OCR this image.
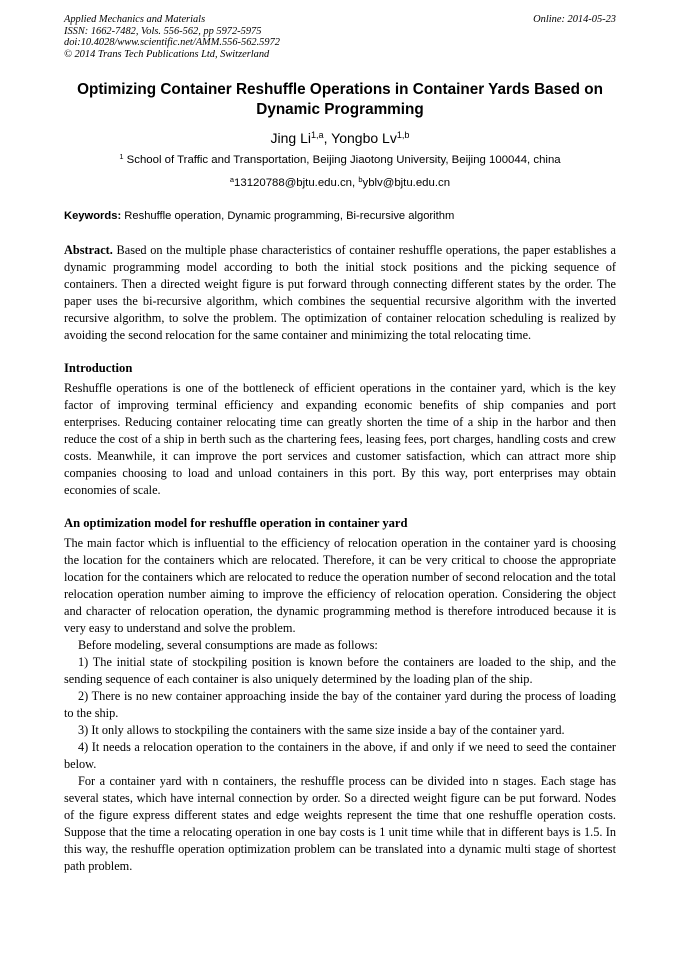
Applied Mechanics and Materials
ISSN: 1662-7482, Vols. 556-562, pp 5972-5975
doi:10.4028/www.scientific.net/AMM.556-562.5972
© 2014 Trans Tech Publications Ltd, Switzerland
Online: 2014-05-23
Optimizing Container Reshuffle Operations in Container Yards Based on Dynamic Programming
Jing Li$^{1,a}$, Yongbo Lv$^{1,b}$
$^1$ School of Traffic and Transportation, Beijing Jiaotong University, Beijing 100044, china
$^a$13120788@bjtu.edu.cn, $^b$yblv@bjtu.edu.cn
Keywords: Reshuffle operation, Dynamic programming, Bi-recursive algorithm
Abstract. Based on the multiple phase characteristics of container reshuffle operations, the paper establishes a dynamic programming model according to both the initial stock positions and the picking sequence of containers. Then a directed weight figure is put forward through connecting different states by the order. The paper uses the bi-recursive algorithm, which combines the sequential recursive algorithm with the inverted recursive algorithm, to solve the problem. The optimization of container relocation scheduling is realized by avoiding the second relocation for the same container and minimizing the total relocating time.
Introduction

Reshuffle operations is one of the bottleneck of efficient operations in the container yard, which is the key factor of improving terminal efficiency and expanding economic benefits of ship companies and port enterprises. Reducing container relocating time can greatly shorten the time of a ship in the harbor and then reduce the cost of a ship in berth such as the chartering fees, leasing fees, port charges, handling costs and crew costs. Meanwhile, it can improve the port services and customer satisfaction, which can attract more ship companies choosing to load and unload containers in this port. By this way, port enterprises may obtain economies of scale.

An optimization model for reshuffle operation in container yard

The main factor which is influential to the efficiency of relocation operation in the container yard is choosing the location for the containers which are relocated. Therefore, it can be very critical to choose the appropriate location for the containers which are relocated to reduce the operation number of second relocation and the total relocation operation number aiming to improve the efficiency of relocation operation. Considering the object and character of relocation operation, the dynamic programming method is therefore introduced because it is very easy to understand and solve the problem.

Before modeling, several consumptions are made as follows:

1) The initial state of stockpiling position is known before the containers are loaded to the ship, and the sending sequence of each container is also uniquely determined by the loading plan of the ship.

2) There is no new container approaching inside the bay of the container yard during the process of loading to the ship.

3) It only allows to stockpiling the containers with the same size inside a bay of the container yard.

4) It needs a relocation operation to the containers in the above, if and only if we need to seed the container below.

For a container yard with n containers, the reshuffle process can be divided into n stages. Each stage has several states, which have internal connection by order. So a directed weight figure can be put forward. Nodes of the figure express different states and edge weights represent the time that one reshuffle operation costs. Suppose that the time a relocating operation in one bay costs is 1 unit time while that in different bays is 1.5. In this way, the reshuffle operation optimization problem can be translated into a dynamic multi stage of shortest path problem.
